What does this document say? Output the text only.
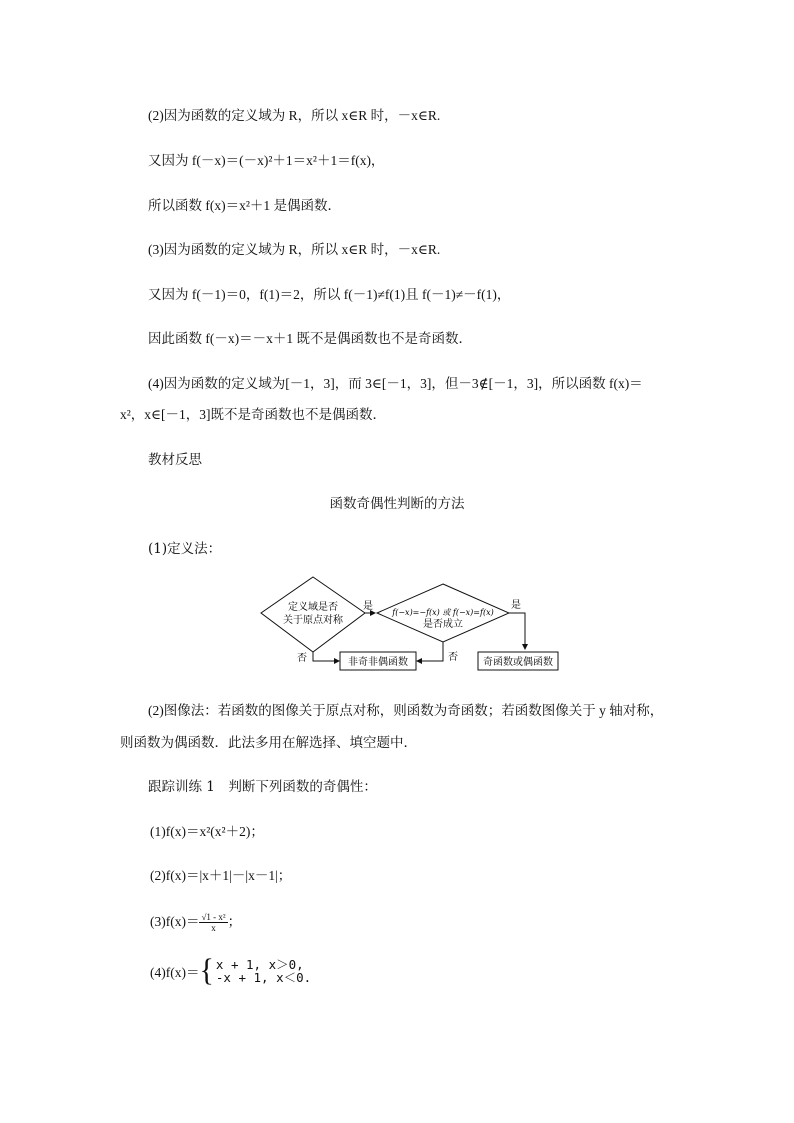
(2)因为函数的定义域为 R，所以 x∈R 时，－x∈R.
又因为 f(－x)＝(－x)²＋1＝x²＋1＝f(x)，
所以函数 f(x)＝x²＋1 是偶函数．
(3)因为函数的定义域为 R，所以 x∈R 时，－x∈R.
又因为 f(－1)＝0，f(1)＝2，所以 f(－1)≠f(1)且 f(－1)≠－f(1)，
因此函数 f(－x)＝－x＋1 既不是偶函数也不是奇函数．
(4)因为函数的定义域为[－1，3]，而 3∈[－1，3]，但－3∉[－1，3]，所以函数 f(x)＝
x²，x∈[－1，3]既不是奇函数也不是偶函数．
教材反思
函数奇偶性判断的方法
(1)定义法：
定义域是否
关于原点对称
是
f(−x)=−f(x) 或 f(−x)=f(x)
是否成立
是
否	否
非奇非偶函数	奇函数或偶函数
(2)图像法：若函数的图像关于原点对称，则函数为奇函数；若函数图像关于 y 轴对称，
则函数为偶函数．此法多用在解选择、填空题中．
跟踪训练 1　判断下列函数的奇偶性：
(1)f(x)＝x²(x²＋2)；
(2)f(x)＝|x＋1|－|x－1|；
$(3)f(x)= \frac{\text{√1 - x²}}{x}$ ；
(4)f(x)＝{ x + 1, x＞0,
-x + 1, x＜0.
